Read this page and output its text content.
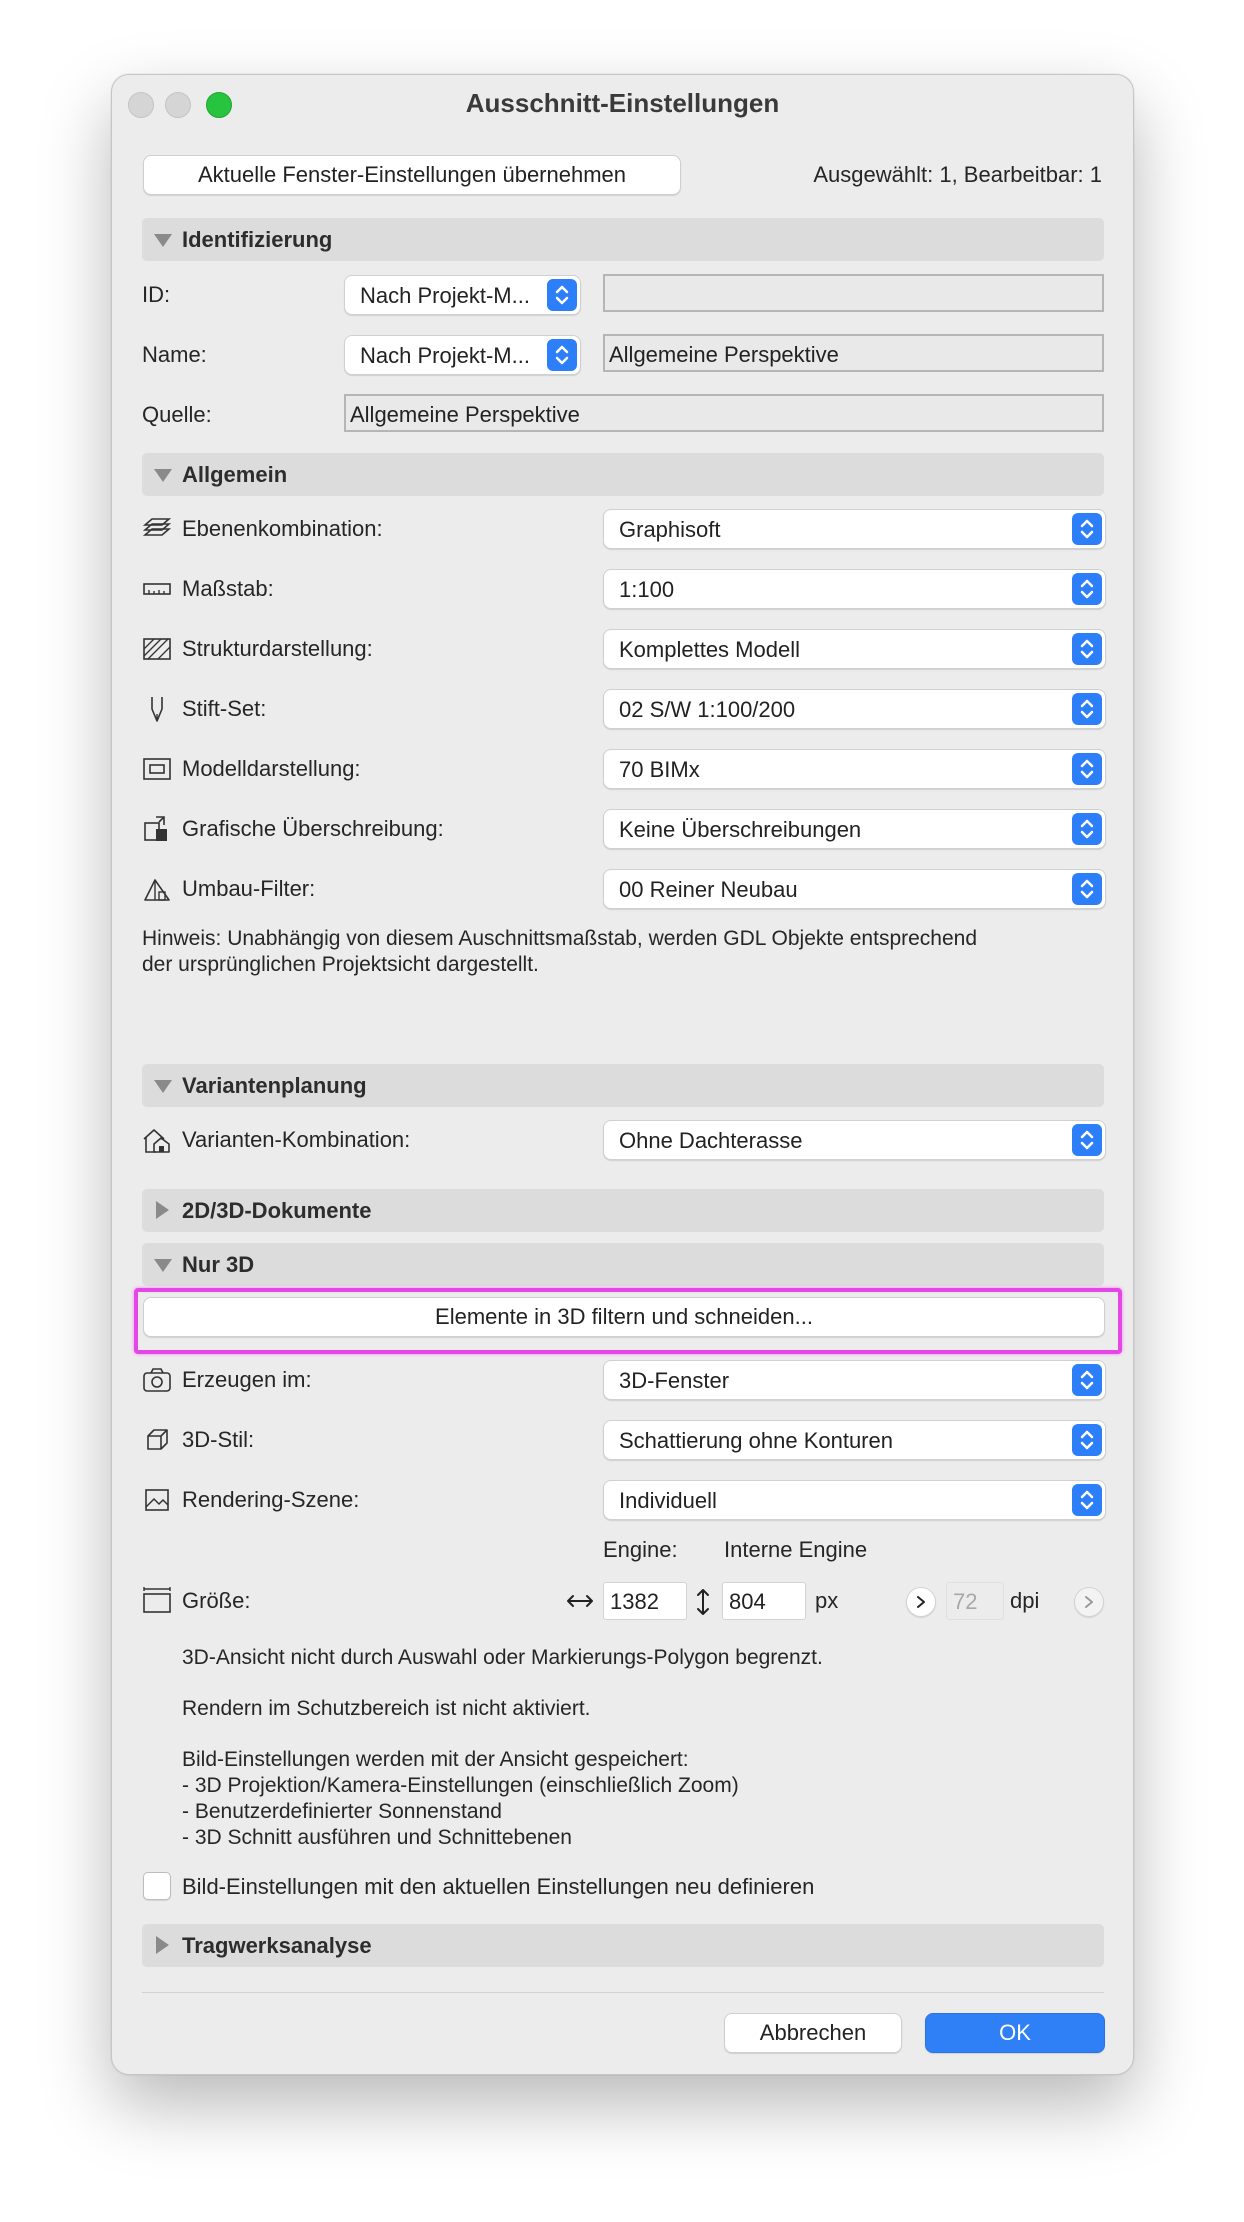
Ausschnitt-Einstellungen
Aktuelle Fenster-Einstellungen übernehmen	Ausgewählt: 1, Bearbeitbar: 1
Identifizierung
ID:	Nach Projekt-M...
Name:	Nach Projekt-M...	Allgemeine Perspektive
Quelle:	Allgemeine Perspektive
Allgemein
Ebenenkombination:	Graphisoft
Maßstab:	1:100
Strukturdarstellung:	Komplettes Modell
Stift-Set:	02 S/W 1:100/200
Modelldarstellung:	70 BIMx
Grafische Überschreibung:	Keine Überschreibungen
Umbau-Filter:	00 Reiner Neubau
Hinweis: Unabhängig von diesem Auschnittsmaßstab, werden GDL Objekte entsprechend
der ursprünglichen Projektsicht dargestellt.
Variantenplanung
Varianten-Kombination:	Ohne Dachterasse
2D/3D-Dokumente
Nur 3D
Elemente in 3D filtern und schneiden...
Erzeugen im:	3D-Fenster
3D-Stil:	Schattierung ohne Konturen
Rendering-Szene:	Individuell
Engine: Interne Engine
Größe:	1382	804 px	72 dpi
3D-Ansicht nicht durch Auswahl oder Markierungs-Polygon begrenzt.
Rendern im Schutzbereich ist nicht aktiviert.
Bild-Einstellungen werden mit der Ansicht gespeichert:
- 3D Projektion/Kamera-Einstellungen (einschließlich Zoom)
- Benutzerdefinierter Sonnenstand
- 3D Schnitt ausführen und Schnittebenen
Bild-Einstellungen mit den aktuellen Einstellungen neu definieren
Tragwerksanalyse
Abbrechen	OK
